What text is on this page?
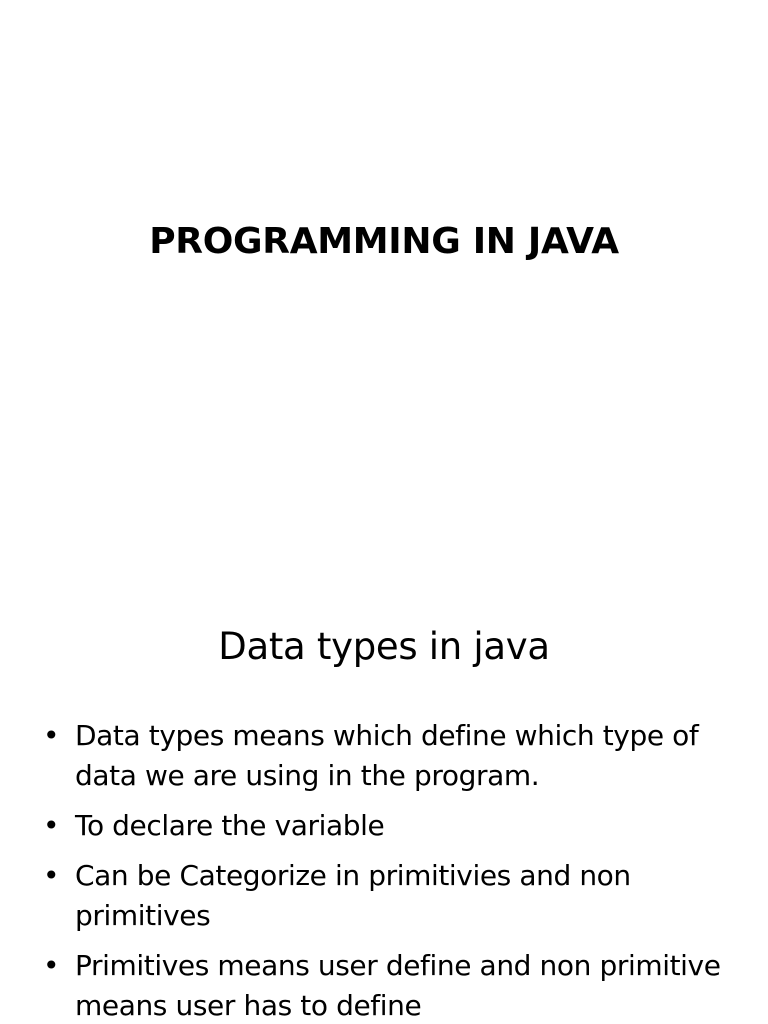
PROGRAMMING IN JAVA
Data types in java
• Data types means which define which type of data we are using in the program.
• To declare the variable
• Can be Categorize in primitivies and non primitives
• Primitives means user define and non primitive means user has to define
